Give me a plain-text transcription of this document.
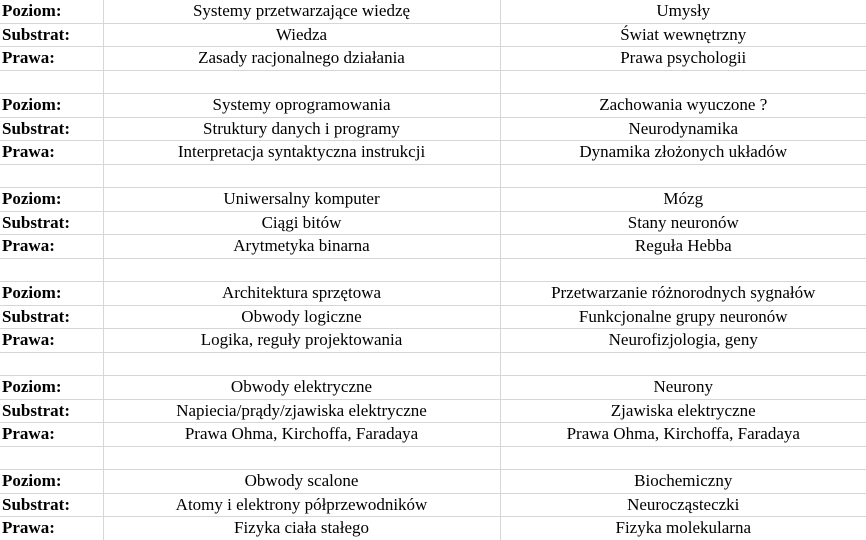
Poziom:	Systemy przetwarzające wiedzę	Umysły
Substrat:	Wiedza	Świat wewnętrzny
Prawa:	Zasady racjonalnego działania	Prawa psychologii

Poziom:	Systemy oprogramowania	Zachowania wyuczone ?
Substrat:	Struktury danych i programy	Neurodynamika
Prawa:	Interpretacja syntaktyczna instrukcji	Dynamika złożonych układów

Poziom:	Uniwersalny komputer	Mózg
Substrat:	Ciągi bitów	Stany neuronów
Prawa:	Arytmetyka binarna	Reguła Hebba

Poziom:	Architektura sprzętowa	Przetwarzanie różnorodnych sygnałów
Substrat:	Obwody logiczne	Funkcjonalne grupy neuronów
Prawa:	Logika, reguły projektowania	Neurofizjologia, geny

Poziom:	Obwody elektryczne	Neurony
Substrat:	Napiecia/prądy/zjawiska elektryczne	Zjawiska elektryczne
Prawa:	Prawa Ohma, Kirchoffa, Faradaya	Prawa Ohma, Kirchoffa, Faradaya

Poziom:	Obwody scalone	Biochemiczny
Substrat:	Atomy i elektrony półprzewodników	Neurocząsteczki
Prawa:	Fizyka ciała stałego	Fizyka molekularna
